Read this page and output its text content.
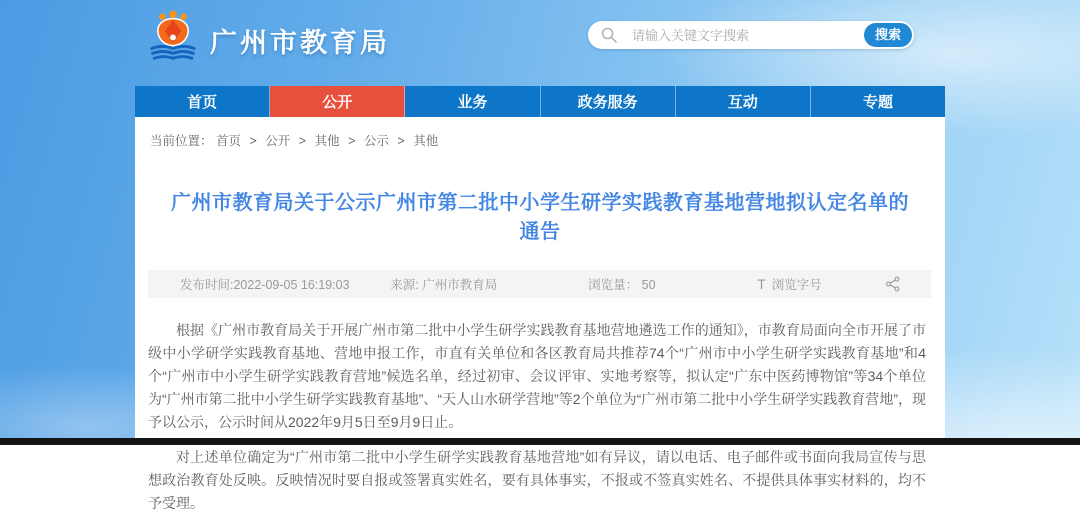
广州市教育局
请输入关键文字搜索	搜索
首页	公开	业务	政务服务	互动	专题
当前位置： 首页 > 公开 > 其他 > 公示 > 其他
广州市教育局关于公示广州市第二批中小学生研学实践教育基地营地拟认定名单的通告
发布时间:2022-09-05 16:19:03	来源: 广州市教育局	浏览量： 50	T 浏览字号

根据《广州市教育局关于开展广州市第二批中小学生研学实践教育基地营地遴选工作的通知》，市教育局面向全市开展了市级中小学研学实践教育基地、营地申报工作，市直有关单位和各区教育局共推荐74个“广州市中小学生研学实践教育基地”和4个“广州市中小学生研学实践教育营地”候选名单，经过初审、会议评审、实地考察等，拟认定“广东中医药博物馆”等34个单位为“广州市第二批中小学生研学实践教育基地”、“天人山水研学营地”等2个单位为“广州市第二批中小学生研学实践教育营地”，现予以公示，公示时间从2022年9月5日至9月9日止。

对上述单位确定为“广州市第二批中小学生研学实践教育基地营地”如有异议，请以电话、电子邮件或书面向我局宣传与思想政治教育处反映。反映情况时要自报或签署真实姓名，要有具体事实，不报或不签真实姓名、不提供具体事实材料的，均不予受理。
